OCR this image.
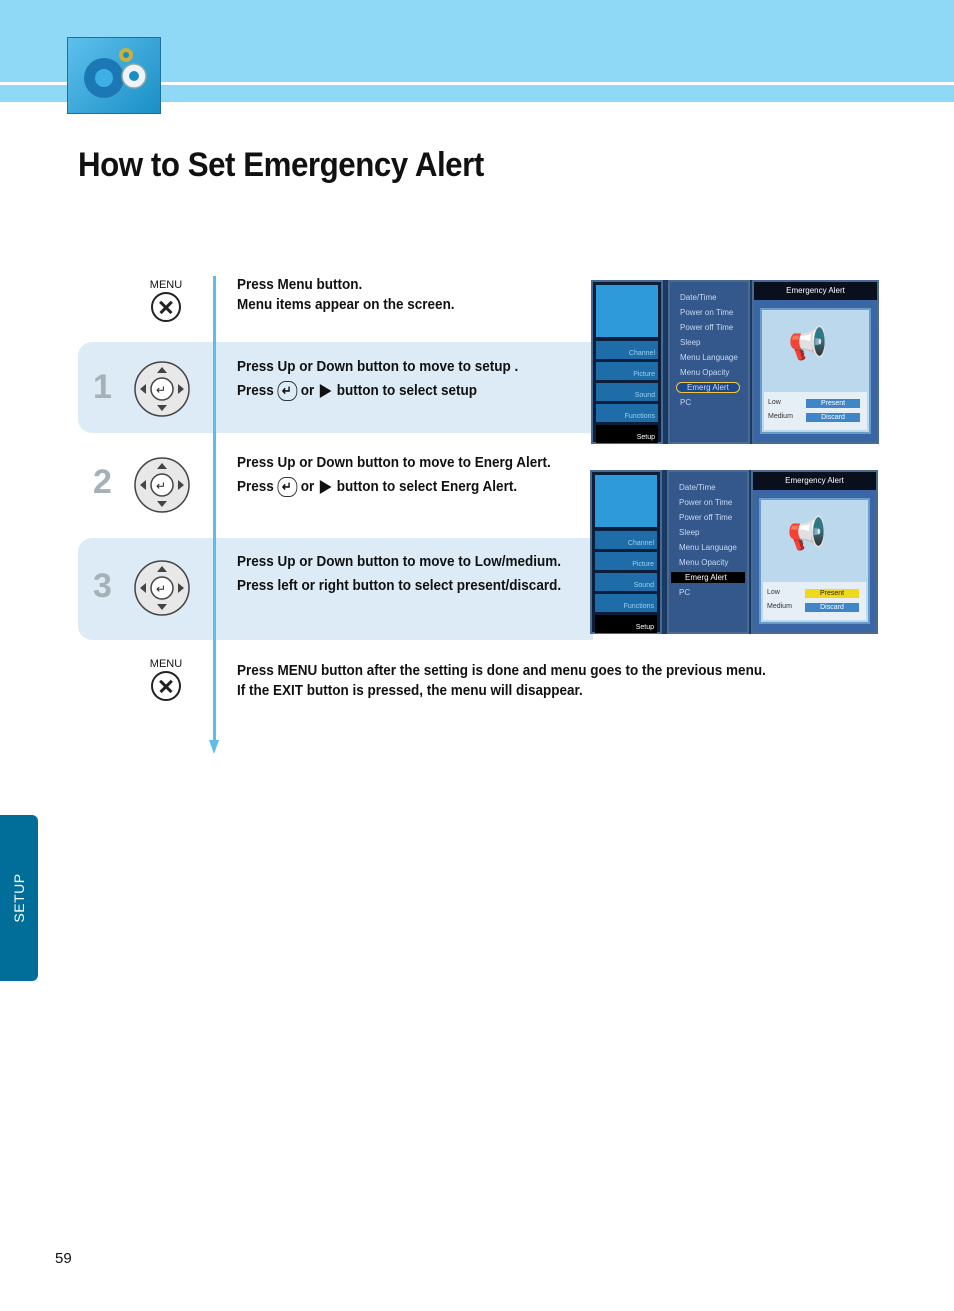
How to Set Emergency Alert
MENU	Press Menu button.
Menu items appear on the screen.
1	↵
Press Up or Down button to move to setup .
Press ↵ or button to select setup
2	↵
Press Up or Down button to move to Energ Alert.
Press ↵ or button to select Energ Alert.
3	↵
Press Up or Down button to move to Low/medium.
Press left or right button to select present/discard.
MENU	Press MENU button after the setting is done and menu goes to the previous menu.
If the EXIT button is pressed, the menu will disappear.
Channel
Picture
Sound
Functions
Setup
Date/Time
Power on Time
Power off Time
Sleep
Menu Language
Menu Opacity
Emerg Alert
PC
Emergency Alert
📢
Low	Present
Medium	Discard
Channel
Picture
Sound
Functions
Setup
Date/Time
Power on Time
Power off Time
Sleep
Menu Language
Menu Opacity
Emerg Alert
PC
Emergency Alert
📢
Low	Present
Medium	Discard
SETUP
59
